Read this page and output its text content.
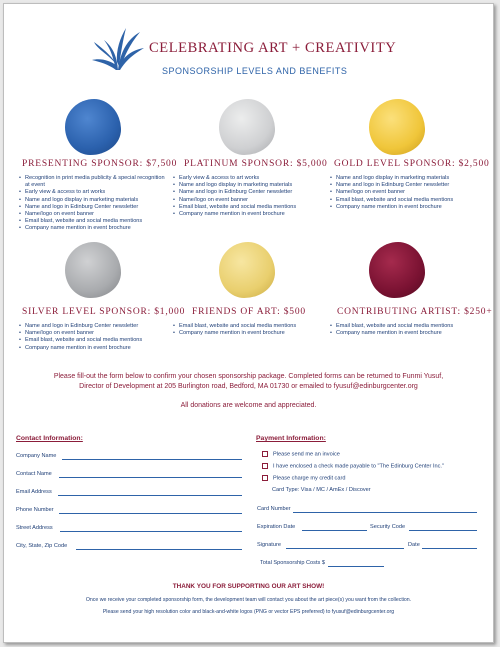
CELEBRATING ART + CREATIVITY
SPONSORSHIP LEVELS AND BENEFITS
PRESENTING SPONSOR: $7,500
• Recognition in print media publicity & special recognition at event
• Early view & access to art works
• Name and logo display in marketing materials
• Name and logo in Edinburg Center newsletter
• Name/logo on event banner
• Email blast, website and social media mentions
• Company name mention in event brochure
PLATINUM SPONSOR: $5,000
• Early view & access to art works
• Name and logo display in marketing materials
• Name and logo in Edinburg Center newsletter
• Name/logo on event banner
• Email blast, website and social media mentions
• Company name mention in event brochure
GOLD LEVEL SPONSOR: $2,500
• Name and logo display in marketing materials
• Name and logo in Edinburg Center newsletter
• Name/logo on event banner
• Email blast, website and social media mentions
• Company name mention in event brochure
SILVER LEVEL SPONSOR: $1,000
• Name and logo in Edinburg Center newsletter
• Name/logo on event banner
• Email blast, website and social media mentions
• Company name mention in event brochure
FRIENDS OF ART: $500
• Email blast, website and social media mentions
• Company name mention in event brochure
CONTRIBUTING ARTIST: $250+
• Email blast, website and social media mentions
• Company name mention in event brochure
Please fill-out the form below to confirm your chosen sponsorship package. Completed forms can be returned to Funmi Yusuf,
Director of Development at 205 Burlington road, Bedford, MA 01730 or emailed to fyusuf@edinburgcenter.org
All donations are welcome and appreciated.
Contact Information:
Company Name
Contact Name
Email Address
Phone Number
Street Address
City, State, Zip Code
Payment Information:
Please send me an invoice
I have enclosed a check made payable to "The Edinburg Center Inc."
Please charge my credit card
Card Type: Visa / MC / AmEx / Discover
Card Number
Expiration Date	Security Code
Signature	Date
Total Sponsorship Costs $
THANK YOU FOR SUPPORTING OUR ART SHOW!
Once we receive your completed sponsorship form, the development team will contact you about the art piece(s) you want from the collection.
Please send your high resolution color and black-and-white logos (PNG or vector EPS preferred) to fyusuf@edinburgcenter.org
